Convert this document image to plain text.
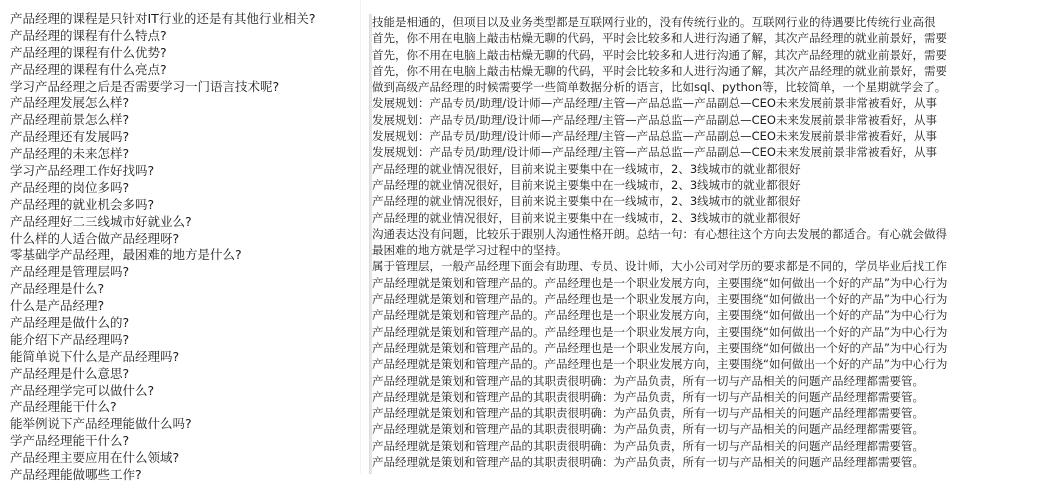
产品经理的课程是只针对IT行业的还是有其他行业相关?
产品经理的课程有什么特点?
产品经理的课程有什么优势?
产品经理的课程有什么亮点?
学习产品经理之后是否需要学习一门语言技术呢?
产品经理发展怎么样?
产品经理前景怎么样?
产品经理还有发展吗?
产品经理的未来怎样?
学习产品经理工作好找吗?
产品经理的岗位多吗?
产品经理的就业机会多吗?
产品经理好二三线城市好就业么?
什么样的人适合做产品经理呀?
零基础学产品经理，最困难的地方是什么?
产品经理是管理层吗?
产品经理是什么?
什么是产品经理?
产品经理是做什么的?
能介绍下产品经理吗?
能简单说下什么是产品经理吗?
产品经理是什么意思?
产品经理学完可以做什么?
产品经理能干什么?
能举例说下产品经理能做什么吗?
学产品经理能干什么?
产品经理主要应用在什么领域?
产品经理能做哪些工作?
技能是相通的，但项目以及业务类型都是互联网行业的，没有传统行业的。互联网行业的待遇要比传统行业高很
首先，你不用在电脑上敲击枯燥无聊的代码，平时会比较多和人进行沟通了解，其次产品经理的就业前景好，需要
首先，你不用在电脑上敲击枯燥无聊的代码，平时会比较多和人进行沟通了解，其次产品经理的就业前景好，需要
首先，你不用在电脑上敲击枯燥无聊的代码，平时会比较多和人进行沟通了解，其次产品经理的就业前景好，需要
做到高级产品经理的时候需要学一些简单数据分析的语言，比如sql、python等，比较简单，一个星期就学会了。
发展规划：产品专员/助理/设计师—产品经理/主管—产品总监—产品副总—CEO未来发展前景非常被看好，从事
发展规划：产品专员/助理/设计师—产品经理/主管—产品总监—产品副总—CEO未来发展前景非常被看好，从事
发展规划：产品专员/助理/设计师—产品经理/主管—产品总监—产品副总—CEO未来发展前景非常被看好，从事
发展规划：产品专员/助理/设计师—产品经理/主管—产品总监—产品副总—CEO未来发展前景非常被看好，从事
产品经理的就业情况很好，目前来说主要集中在一线城市，2、3线城市的就业都很好
产品经理的就业情况很好，目前来说主要集中在一线城市，2、3线城市的就业都很好
产品经理的就业情况很好，目前来说主要集中在一线城市，2、3线城市的就业都很好
产品经理的就业情况很好，目前来说主要集中在一线城市，2、3线城市的就业都很好
沟通表达没有问题，比较乐于跟别人沟通性格开朗。总结一句：有心想往这个方向去发展的都适合。有心就会做得
最困难的地方就是学习过程中的坚持。
属于管理层，一般产品经理下面会有助理、专员、设计师，大小公司对学历的要求都是不同的，学员毕业后找工作
产品经理就是策划和管理产品的。产品经理也是一个职业发展方向，主要围绕“如何做出一个好的产品”为中心行为
产品经理就是策划和管理产品的。产品经理也是一个职业发展方向，主要围绕“如何做出一个好的产品”为中心行为
产品经理就是策划和管理产品的。产品经理也是一个职业发展方向，主要围绕“如何做出一个好的产品”为中心行为
产品经理就是策划和管理产品的。产品经理也是一个职业发展方向，主要围绕“如何做出一个好的产品”为中心行为
产品经理就是策划和管理产品的。产品经理也是一个职业发展方向，主要围绕“如何做出一个好的产品”为中心行为
产品经理就是策划和管理产品的。产品经理也是一个职业发展方向，主要围绕“如何做出一个好的产品”为中心行为
产品经理就是策划和管理产品的其职责很明确：为产品负责，所有一切与产品相关的问题产品经理都需要管。
产品经理就是策划和管理产品的其职责很明确：为产品负责，所有一切与产品相关的问题产品经理都需要管。
产品经理就是策划和管理产品的其职责很明确：为产品负责，所有一切与产品相关的问题产品经理都需要管。
产品经理就是策划和管理产品的其职责很明确：为产品负责，所有一切与产品相关的问题产品经理都需要管。
产品经理就是策划和管理产品的其职责很明确：为产品负责，所有一切与产品相关的问题产品经理都需要管。
产品经理就是策划和管理产品的其职责很明确：为产品负责，所有一切与产品相关的问题产品经理都需要管。
